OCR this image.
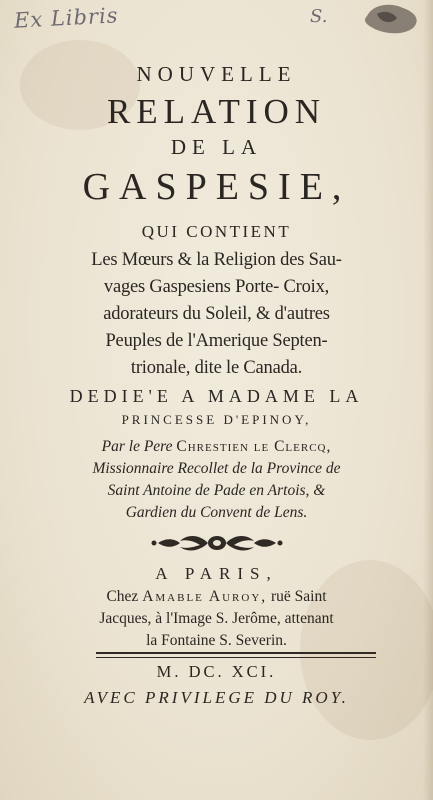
Ex Libris	S.
NOUVELLE
RELATION
DE LA
GASPESIE,
QUI CONTIENT
Les Mœurs & la Religion des Sau-
vages Gaspesiens Porte- Croix,
adorateurs du Soleil, & d'autres
Peuples de l'Amerique Septen-
trionale, dite le Canada.
DEDIE'E A MADAME LA
PRINCESSE D'EPINOY,
Par le Pere Chrestien le Clercq,
Missionnaire Recollet de la Province de
Saint Antoine de Pade en Artois, &
Gardien du Convent de Lens.
A PARIS,
Chez Amable Auroy, ruë Saint
Jacques, à l'Image S. Jerôme, attenant
la Fontaine S. Severin.
M. DC. XCI.
AVEC PRIVILEGE DU ROY.
